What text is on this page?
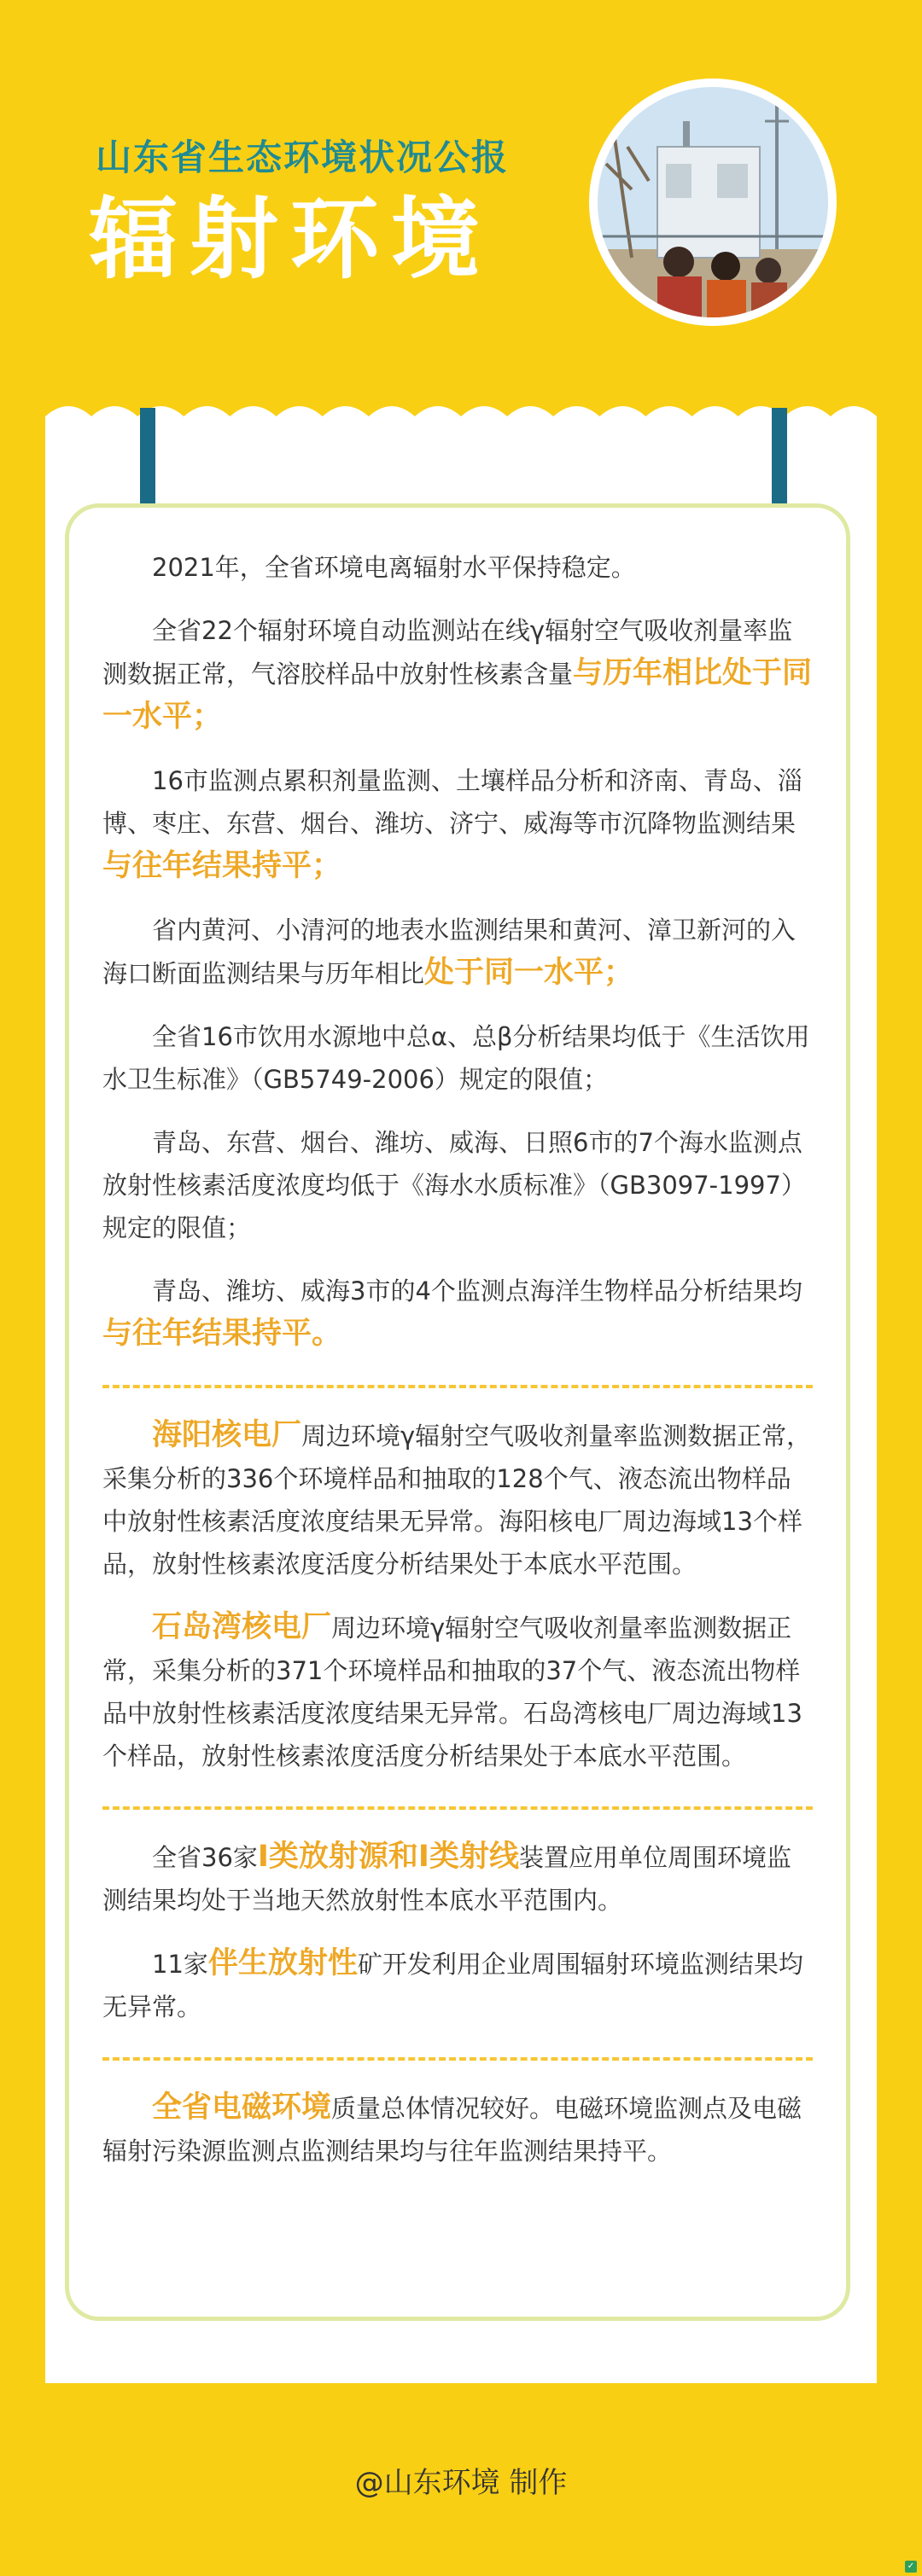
山东省生态环境状况公报
辐射环境

2021年，全省环境电离辐射水平保持稳定。

全省22个辐射环境自动监测站在线γ辐射空气吸收剂量率监测数据正常，气溶胶样品中放射性核素含量与历年相比处于同一水平；

16市监测点累积剂量监测、土壤样品分析和济南、青岛、淄博、枣庄、东营、烟台、潍坊、济宁、威海等市沉降物监测结果与往年结果持平；

省内黄河、小清河的地表水监测结果和黄河、漳卫新河的入海口断面监测结果与历年相比处于同一水平；

全省16市饮用水源地中总α、总β分析结果均低于《生活饮用水卫生标准》（GB5749-2006）规定的限值；

青岛、东营、烟台、潍坊、威海、日照6市的7个海水监测点放射性核素活度浓度均低于《海水水质标准》（GB3097-1997）规定的限值；

青岛、潍坊、威海3市的4个监测点海洋生物样品分析结果均与往年结果持平。

海阳核电厂周边环境γ辐射空气吸收剂量率监测数据正常，采集分析的336个环境样品和抽取的128个气、液态流出物样品中放射性核素活度浓度结果无异常。海阳核电厂周边海域13个样品，放射性核素浓度活度分析结果处于本底水平范围。

石岛湾核电厂周边环境γ辐射空气吸收剂量率监测数据正常，采集分析的371个环境样品和抽取的37个气、液态流出物样品中放射性核素活度浓度结果无异常。石岛湾核电厂周边海域13个样品，放射性核素浓度活度分析结果处于本底水平范围。

全省36家Ⅰ类放射源和Ⅰ类射线装置应用单位周围环境监测结果均处于当地天然放射性本底水平范围内。

11家伴生放射性矿开发利用企业周围辐射环境监测结果均无异常。

全省电磁环境质量总体情况较好。电磁环境监测点及电磁辐射污染源监测点监测结果均与往年监测结果持平。

@山东环境 制作
✓
